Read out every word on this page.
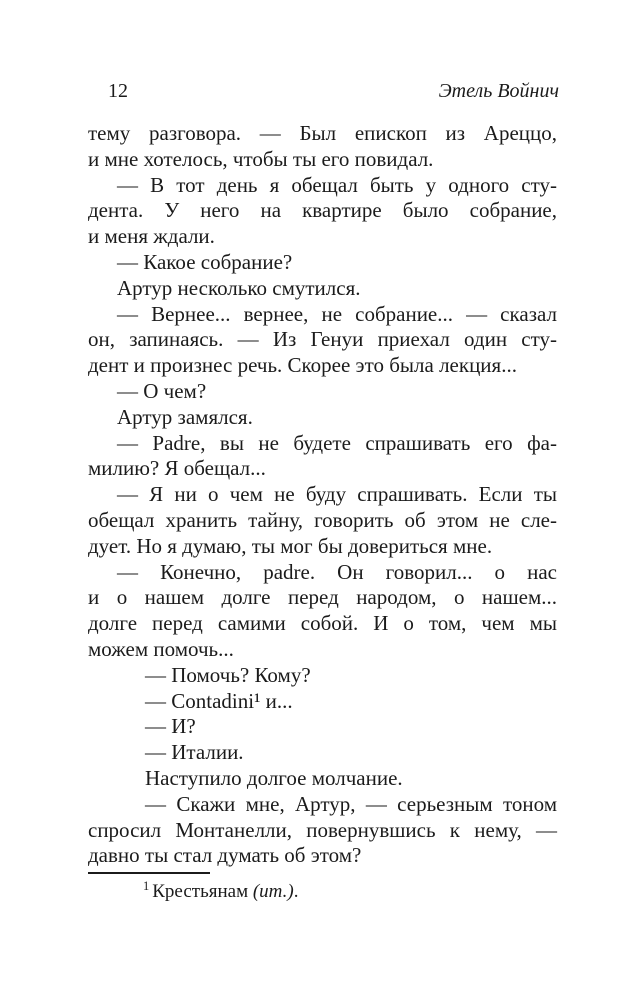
12	Этель Войнич
тему разговора. — Был епископ из Ареццо,
и мне хотелось, чтобы ты его повидал.
— В тот день я обещал быть у одного сту-
дента. У него на квартире было собрание,
и меня ждали.
— Какое собрание?
Артур несколько смутился.
— Вернее... вернее, не собрание... — сказал
он, запинаясь. — Из Генуи приехал один сту-
дент и произнес речь. Скорее это была лекция...
— О чем?
Артур замялся.
— Padre, вы не будете спрашивать его фа-
милию? Я обещал...
— Я ни о чем не буду спрашивать. Если ты
обещал хранить тайну, говорить об этом не сле-
дует. Но я думаю, ты мог бы довериться мне.
— Конечно, padre. Он говорил... о нас
и о нашем долге перед народом, о нашем...
долге перед самими собой. И о том, чем мы
можем помочь...
— Помочь? Кому?
— Contadini¹ и...
— И?
— Италии.
Наступило долгое молчание.
— Скажи мне, Артур, — серьезным тоном
спросил Монтанелли, повернувшись к нему, —
давно ты стал думать об этом?

$^1$ Крестьянам (ит.).
